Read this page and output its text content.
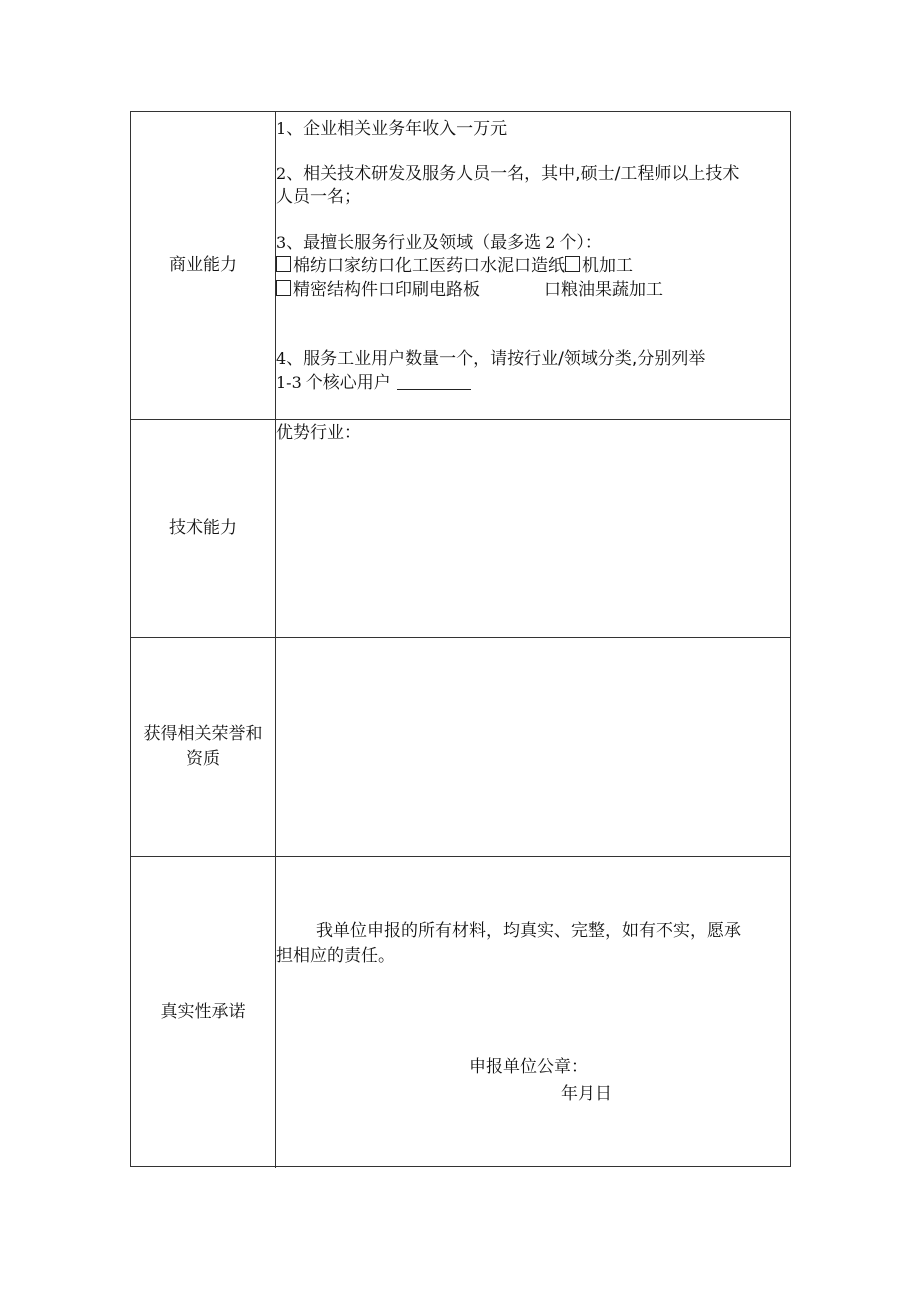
商业能力
1、企业相关业务年收入一万元
2、相关技术研发及服务人员一名，其中,硕士/工程师以上技术
人员一名；
3、最擅长服务行业及领域（最多选 2 个）：
棉纺口家纺口化工医药口水泥口造纸 机加工
精密结构件口印刷电路板	口粮油果蔬加工
4、服务工业用户数量一个，请按行业/领域分类,分别列举
1-3 个核心用户
技术能力
优势行业：
获得相关荣誉和
资质
真实性承诺
我单位申报的所有材料，均真实、完整，如有不实，愿承
担相应的责任。
申报单位公章：
年月日
